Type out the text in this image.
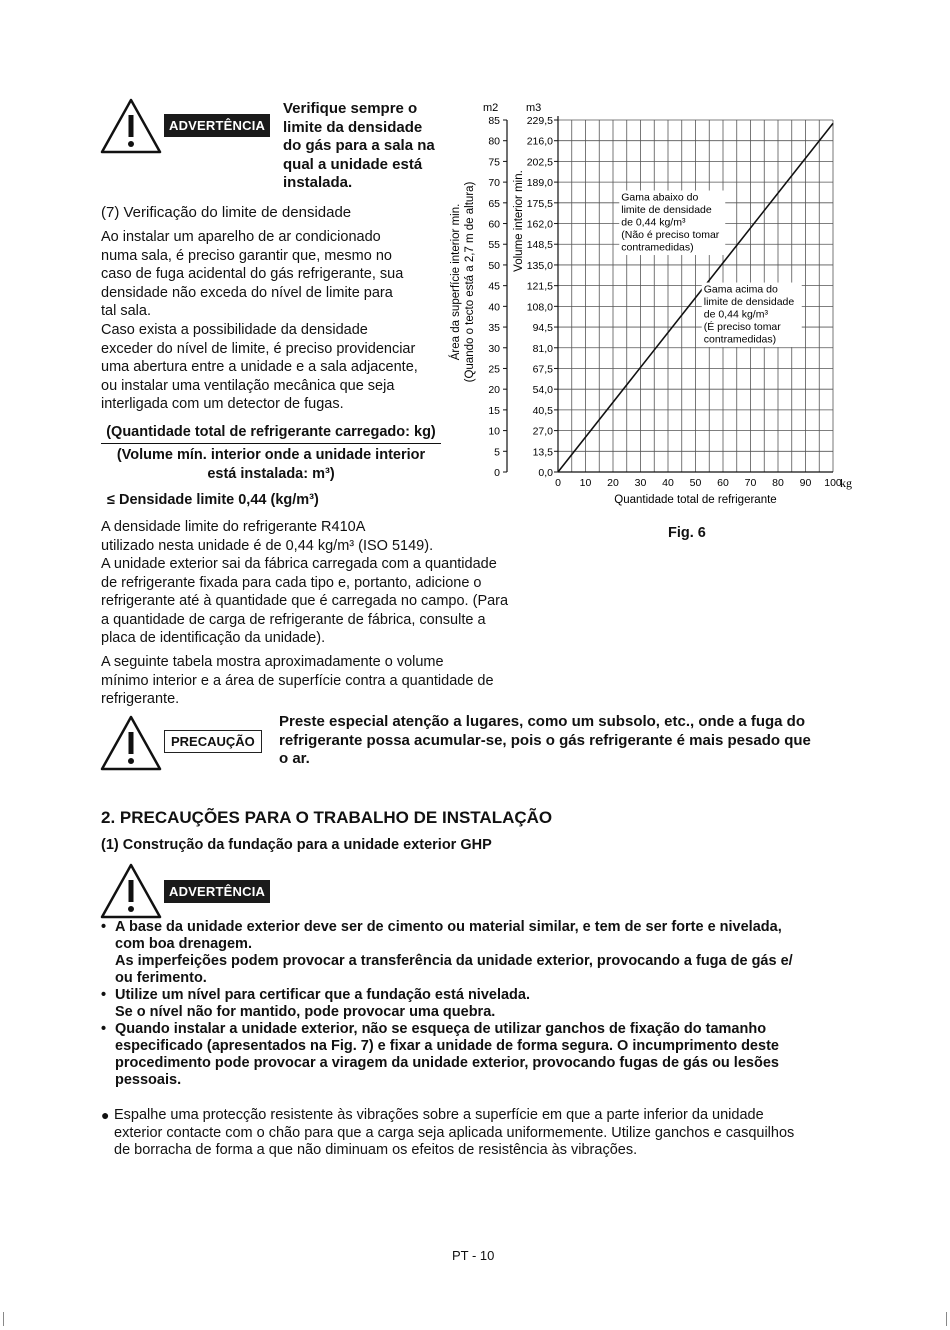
ADVERTÊNCIA
Verifique sempre o
limite da densidade
do gás para a sala na
qual a unidade está
instalada.
(7) Verificação do limite de densidade
Ao instalar um aparelho de ar condicionado
numa sala, é preciso garantir que, mesmo no
caso de fuga acidental do gás refrigerante, sua
densidade não exceda do nível de limite para
tal sala.
Caso exista a possibilidade da densidade
exceder do nível de limite, é preciso providenciar
uma abertura entre a unidade e a sala adjacente,
ou instalar uma ventilação mecânica que seja
interligada com um detector de fugas.
(Quantidade total de refrigerante carregado: kg)
(Volume mín. interior onde a unidade interior
está instalada: m³)
≤ Densidade limite 0,44 (kg/m³)
A densidade limite do refrigerante R410A
utilizado nesta unidade é de 0,44 kg/m³ (ISO 5149).
A unidade exterior sai da fábrica carregada com a quantidade
de refrigerante fixada para cada tipo e, portanto, adicione o
refrigerante até à quantidade que é carregada no campo. (Para
a quantidade de carga de refrigerante de fábrica, consulte a
placa de identificação da unidade).
A seguinte tabela mostra aproximadamente o volume
mínimo interior e a área de superfície contra a quantidade de
refrigerante.
0,0
0
13,5
5
27,0
10
40,5
15
54,0
20
67,5
25
81,0
30
94,5
35
108,0
40
121,5
45
135,0
50
148,5
55
162,0
60
175,5
65
189,0
70
202,5
75
216,0
80
229,5
85
0 10 20 30 40 50 60 70 80 90 100
kg
Quantidade total de refrigerante
m2	m3
Área da superfície interior min. (Quando o tecto está a 2,7 m de altura)	Volume interior min.	Gama abaixo do
limite de densidade
de 0,44 kg/m³
(Não é preciso tomar
contramedidas)
Gama acima do
limite de densidade
de 0,44 kg/m³
(É preciso tomar
contramedidas)
Fig. 6
PRECAUÇÃO
Preste especial atenção a lugares, como um subsolo, etc., onde a fuga do
refrigerante possa acumular-se, pois o gás refrigerante é mais pesado que
o ar.
2. PRECAUÇÕES PARA O TRABALHO DE INSTALAÇÃO
(1) Construção da fundação para a unidade exterior GHP
ADVERTÊNCIA
• A base da unidade exterior deve ser de cimento ou material similar, e tem de ser forte e nivelada,
com boa drenagem.
As imperfeições podem provocar a transferência da unidade exterior, provocando a fuga de gás e/
ou ferimento.
• Utilize um nível para certificar que a fundação está nivelada.
Se o nível não for mantido, pode provocar uma quebra.
• Quando instalar a unidade exterior, não se esqueça de utilizar ganchos de fixação do tamanho
especificado (apresentados na Fig. 7) e fixar a unidade de forma segura. O incumprimento deste
procedimento pode provocar a viragem da unidade exterior, provocando fugas de gás ou lesões
pessoais.
● Espalhe uma protecção resistente às vibrações sobre a superfície em que a parte inferior da unidade
exterior contacte com o chão para que a carga seja aplicada uniformemente. Utilize ganchos e casquilhos
de borracha de forma a que não diminuam os efeitos de resistência às vibrações.
PT - 10
